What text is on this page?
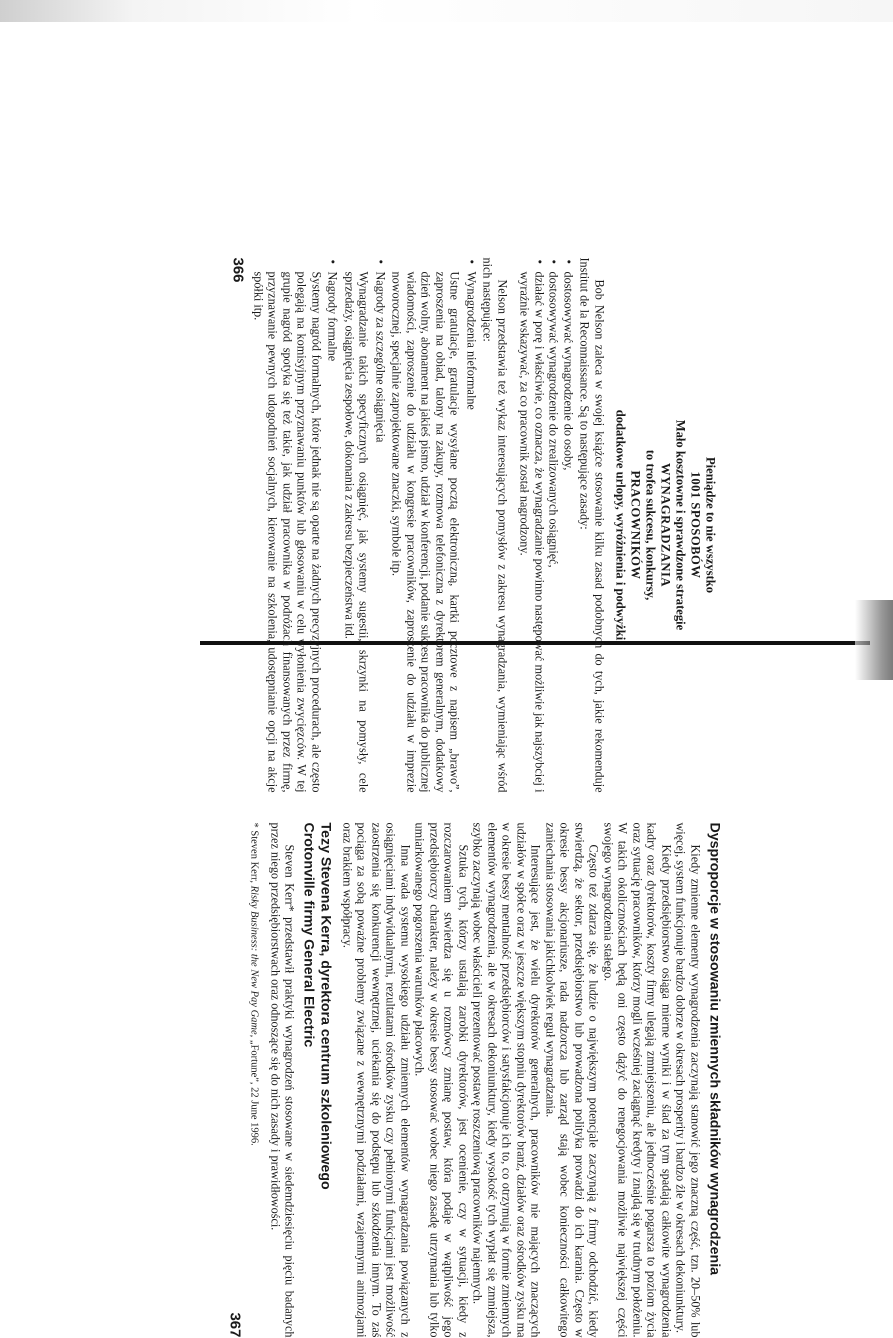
Pieniądze to nie wszystko
1001 SPOSOBÓW
Mało kosztowne i sprawdzone strategie
WYNAGRADZANIA
to trofea sukcesu, konkursy,
PRACOWNIKÓW
dodatkowe urlopy, wyróżnienia i podwyżki

Bob Nelson zaleca w swojej książce stosowanie kilku zasad podobnych do tych, jakie rekomenduje Institut de la Reconnaissance. Są to następujące zasady:

• dostosowywać wynagrodzenie do osoby,
• dostosowywać wynagrodzenie do zrealizowanych osiągnięć,
• działać w porę i właściwie, co oznacza, że wynagradzanie powinno następować możliwie jak najszybciej i wyraźnie wskazywać, za co pracownik został nagrodzony.

Nelson przedstawia też wykaz interesujących pomysłów z zakresu wynagradzania, wymieniając wśród nich następujące:

• Wynagrodzenia nieformalne
Ustne gratulacje, gratulacje wysyłane pocztą elektroniczną, kartki pocztowe z napisem „brawo”, zaproszenia na obiad, talony na zakupy, rozmowa telefoniczna z dyrektorem generalnym, dodatkowy dzień wolny, abonament na jakieś pismo, udział w konferencji, podanie sukcesu pracownika do publicznej wiadomości, zaproszenie do udziału w kongresie pracowników, zaproszenie do udziału w imprezie noworocznej, specjalnie zaprojektowane znaczki, symbole itp.
• Nagrody za szczególne osiągnięcia
Wynagradzanie takich specyficznych osiągnięć, jak systemy sugestii, skrzynki na pomysły, cele sprzedaży, osiągnięcia zespołowe, dokonania z zakresu bezpieczeństwa itd.
• Nagrody formalne
Systemy nagród formalnych, które jednak nie są oparte na żadnych precyzyjnych procedurach, ale często polegają na komisyjnym przyznawaniu punktów lub głosowaniu w celu wyłonienia zwycięzców. W tej grupie nagród spotyka się też takie, jak udział pracownika w podróżach finansowanych przez firmę, przyznawanie pewnych udogodnień socjalnych, kierowanie na szkolenia, udostępnianie opcji na akcje spółki itp.
366
Dysproporcje w stosowaniu zmiennych składników wynagrodzenia

Kiedy zmienne elementy wynagrodzenia zaczynają stanowić jego znaczną część, tzn. 20–50% lub więcej, system funkcjonuje bardzo dobrze w okresach prosperity i bardzo źle w okresach dekoniunktury.

Kiedy przedsiębiorstwo osiąga mierne wyniki i w ślad za tym spadają całkowite wynagrodzenia kadry oraz dyrektorów, koszty firmy ulegają zmniejszeniu, ale jednocześnie pogarsza to poziom życia oraz sytuację pracowników, którzy mogli wcześniej zaciągnąć kredyty i znajdą się w trudnym położeniu. W takich okolicznościach będą oni często dążyć do renegocjowania możliwie największej części swojego wynagrodzenia stałego.

Często też zdarza się, że ludzie o największym potencjale zaczynają z firmy odchodzić, kiedy stwierdzą, że sektor, przedsiębiorstwo lub prowadzona polityka prowadzi do ich karania. Często w okresie bessy akcjonariusze, rada nadzorcza lub zarząd stają wobec konieczności całkowitego zaniechania stosowania jakichkolwiek reguł wynagradzania.

Interesujące jest, że wielu dyrektorów generalnych, pracowników nie mających znaczących udziałów w spółce oraz w jeszcze większym stopniu dyrektorów branż, działów oraz ośrodków zysku ma w okresie bessy mentalność przedsiębiorców i satysfakcjonuje ich to, co otrzymują w formie zmiennych elementów wynagrodzenia, ale w okresach dekoniunktury, kiedy wysokość tych wypłat się zmniejsza, szybko zaczynają wobec właścicieli prezentować postawę roszczeniową pracowników najemnych.

Sztuka tych, którzy ustalają zarobki dyrektorów, jest ocenienie, czy w sytuacji, kiedy z rozczarowaniem stwierdza się u rozmówcy zmianę postaw, która podaje w wątpliwość jego przedsiębiorczy charakter, należy w okresie bessy stosować wobec niego zasadę utrzymania lub tylko umiarkowanego pogorszenia warunków płacowych.

Inna wada systemu wysokiego udziału zmiennych elementów wynagradzania powiązanych z osiągnięciami indywidualnymi, rezultatami ośrodków zysku czy pełnionymi funkcjami jest możliwość zaostrzenia się konkurencji wewnętrznej, uciekania się do podstępu lub szkodzenia innym. To zaś pociąga za sobą poważne problemy związane z wewnętrznymi podziałami, wzajemnymi animozjami oraz brakiem współpracy.

Tezy Stevena Kerra, dyrektora centrum szkoleniowego
Crotonville firmy General Electric

Steven Kerr* przedstawił praktyki wynagrodzeń stosowane w siedemdziesięciu pięciu badanych przez niego przedsiębiorstwach oraz odnoszące się do nich zasady i prawidłowości.

* Steven Kerr, Risky Business: the New Pay Game, „Fortune”, 22 June 1996.

367
